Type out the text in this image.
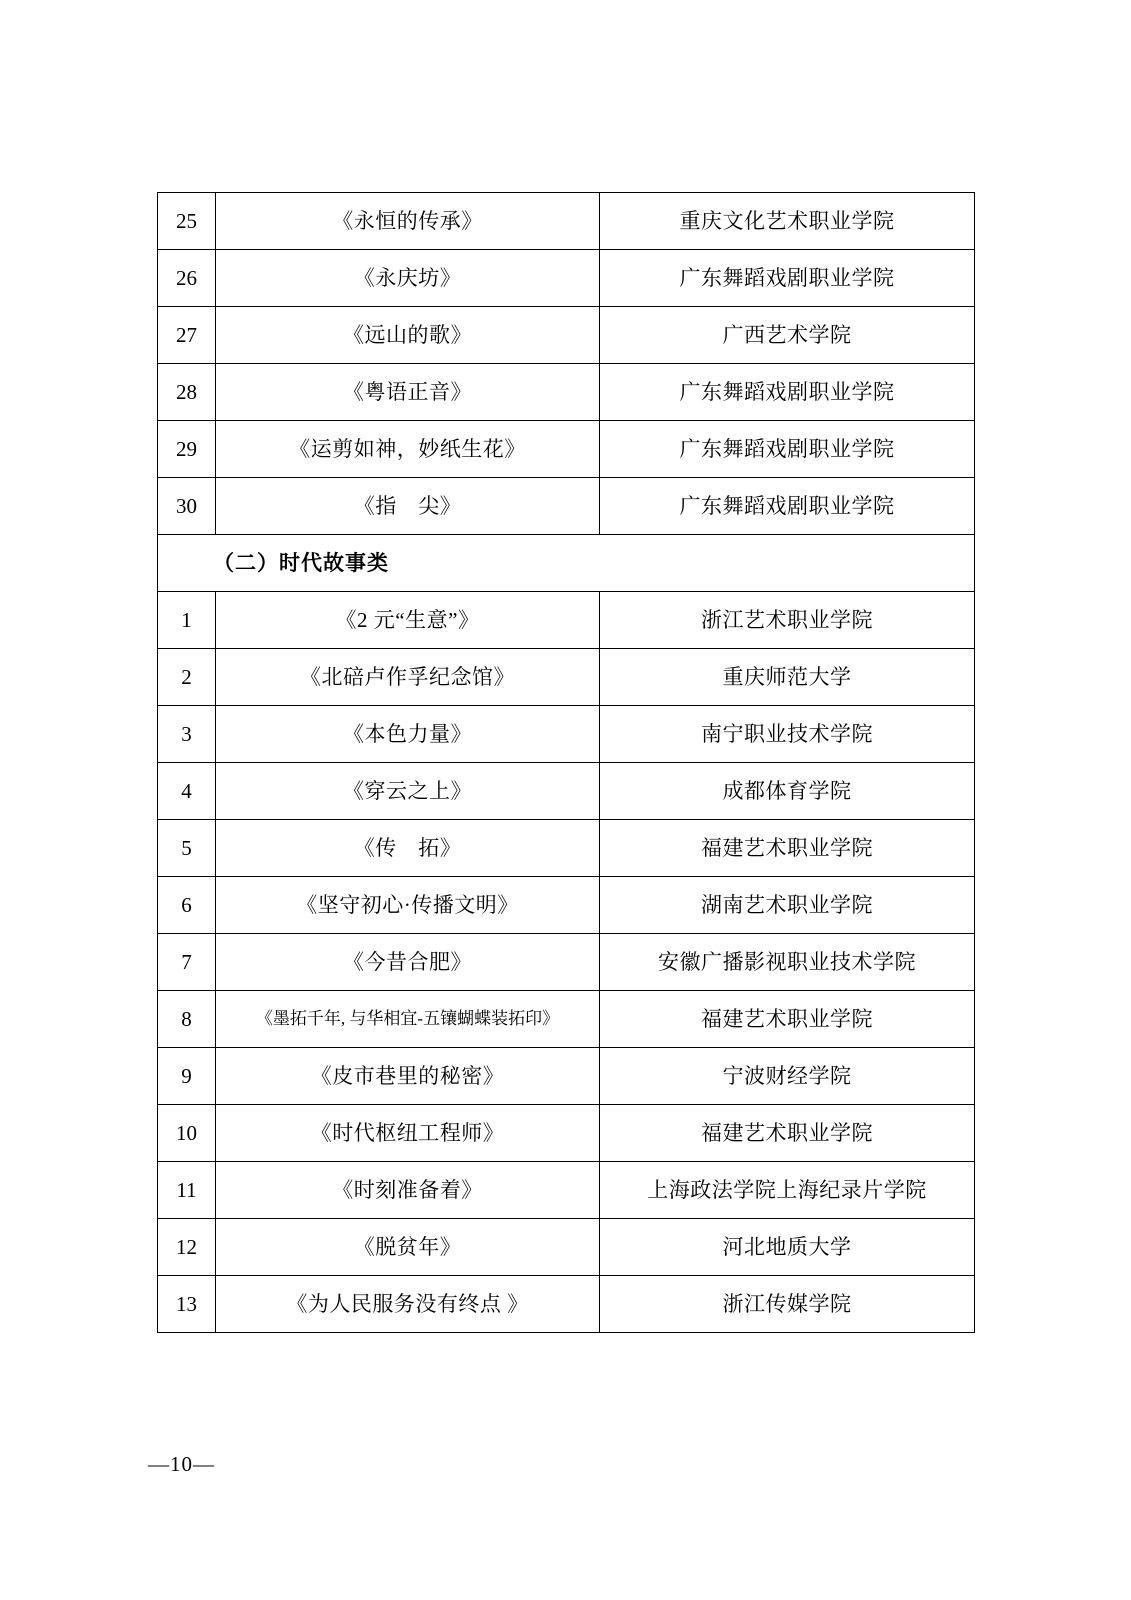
25	《永恒的传承》	重庆文化艺术职业学院
26	《永庆坊》	广东舞蹈戏剧职业学院
27	《远山的歌》	广西艺术学院
28	《粤语正音》	广东舞蹈戏剧职业学院
29	《运剪如神，妙纸生花》	广东舞蹈戏剧职业学院
30	《指　尖》	广东舞蹈戏剧职业学院
（二）时代故事类		
1	《2 元“生意”》	浙江艺术职业学院
2	《北碚卢作孚纪念馆》	重庆师范大学
3	《本色力量》	南宁职业技术学院
4	《穿云之上》	成都体育学院
5	《传　拓》	福建艺术职业学院
6	《坚守初心·传播文明》	湖南艺术职业学院
7	《今昔合肥》	安徽广播影视职业技术学院
8	《墨拓千年, 与华相宜-五镶蝴蝶装拓印》	福建艺术职业学院
9	《皮市巷里的秘密》	宁波财经学院
10	《时代枢纽工程师》	福建艺术职业学院
11	《时刻准备着》	上海政法学院上海纪录片学院
12	《脱贫年》	河北地质大学
13	《为人民服务没有终点 》	浙江传媒学院
—10—
